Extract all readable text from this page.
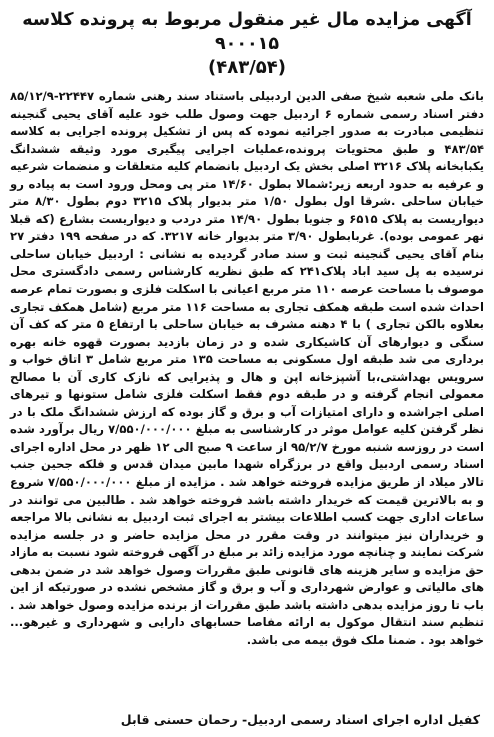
آگهی مزایده مال غیر منقول مربوط به پرونده کلاسه ۹۰۰۰۱۵
(۴۸۳/۵۴)

بانک ملی شعبه شیخ صفی الدین اردبیلی باستناد سند رهنی شماره ۲۲۴۴۷-۸۵/۱۲/۹ دفتر اسناد رسمی شماره ۶ اردبیل جهت وصول طلب خود علیه آقای یحیی گنجینه تنظیمی مبادرت به صدور اجرائیه نموده که پس از تشکیل پرونده اجرایی به کلاسه ۴۸۳/۵۴ و طبق محتویات پرونده،عملیات اجرایی پیگیری مورد وثیقه ششدانگ یکبابخانه پلاک ۳۲۱۶ اصلی بخش یک اردبیل بانضمام کلیه متعلقات و منضمات شرعیه و عرفیه به حدود اربعه زیر:شمالا بطول ۱۴/۶۰ متر پی ومحل ورود است به پیاده رو خیابان ساحلی .شرقا اول بطول ۱/۵۰ متر بدیوار پلاک ۳۲۱۵ دوم بطول ۸/۳۰ متر دیواریست به پلاک ۶۵۱۵ و جنوبا بطول ۱۴/۹۰ متر دردب و دیواریست بشارع (که قبلا نهر عمومی بوده). غربابطول ۳/۹۰ متر بدیوار خانه ۳۲۱۷. که در صفحه ۱۹۹ دفتر ۲۷ بنام آقای یحیی گنجینه ثبت و سند صادر گردیده به نشانی : اردبیل خیابان ساحلی نرسیده به پل سید اباد پلاک۲۴۱ که طبق نظریه کارشناس رسمی دادگستری محل موصوف با مساحت عرصه ۱۱۰ متر مربع اعیانی با اسکلت فلزی و بصورت تمام عرصه احداث شده است طبقه همکف تجاری به مساحت ۱۱۶ متر مربع (شامل همکف تجاری بعلاوه بالکن تجاری ) با ۴ دهنه مشرف به خیابان ساحلی با ارتفاع ۵ متر که کف آن سنگی و دیوارهای آن کاشیکاری شده و در زمان بازدید بصورت قهوه خانه بهره برداری می شد طبقه اول مسکونی به مساحت ۱۳۵ متر مربع شامل ۳ اتاق خواب و سرویس بهداشتی،با آشپزخانه اپن و هال و پذیرایی که نازک کاری آن با مصالح معمولی انجام گرفته و در طبقه دوم فقط اسکلت فلزی شامل ستونها و تیرهای اصلی اجراشده و دارای امتیازات آب و برق و گاز بوده که ارزش ششدانگ ملک با در نظر گرفتن کلیه عوامل موثر در کارشناسی به مبلغ ۷/۵۵۰/۰۰۰/۰۰۰ ریال برآورد شده است در روزسه شنبه مورخ ۹۵/۲/۷ از ساعت ۹ صبح الی ۱۲ ظهر در محل اداره اجرای اسناد رسمی اردبیل واقع در برزگراه شهدا مابین میدان قدس و فلکه جحین جنب تالار میلاد از طریق مزایده فروخته خواهد شد . مزایده از مبلغ ۷/۵۵۰/۰۰۰/۰۰۰ شروع و به بالاترین قیمت که خریدار داشته باشد فروخته خواهد شد . طالبین می توانند در ساعات اداری جهت کسب اطلاعات بیشتر به اجرای ثبت اردبیل به نشانی بالا مراجعه و خریداران نیز میتوانند در وقت مقرر در محل مزایده حاضر و در جلسه مزایده شرکت نمایند و چنانچه مورد مزایده زائد بر مبلغ در آگهی فروخته شود نسبت به مازاد حق مزایده و سایر هزینه های قانونی طبق مقررات وصول خواهد شد در ضمن بدهی های مالیاتی و عوارض شهرداری و آب و برق و گاز مشخص نشده در صورتیکه از این باب تا روز مزایده بدهی داشته باشد طبق مقررات از برنده مزایده وصول خواهد شد . تنظیم سند انتقال موکول به ارائه مفاصا حسابهای دارایی و شهرداری و غیرهو... خواهد بود . ضمنا ملک فوق بیمه می باشد.

کفیل اداره اجرای اسناد رسمی اردبیل- رحمان حسنی قابل
